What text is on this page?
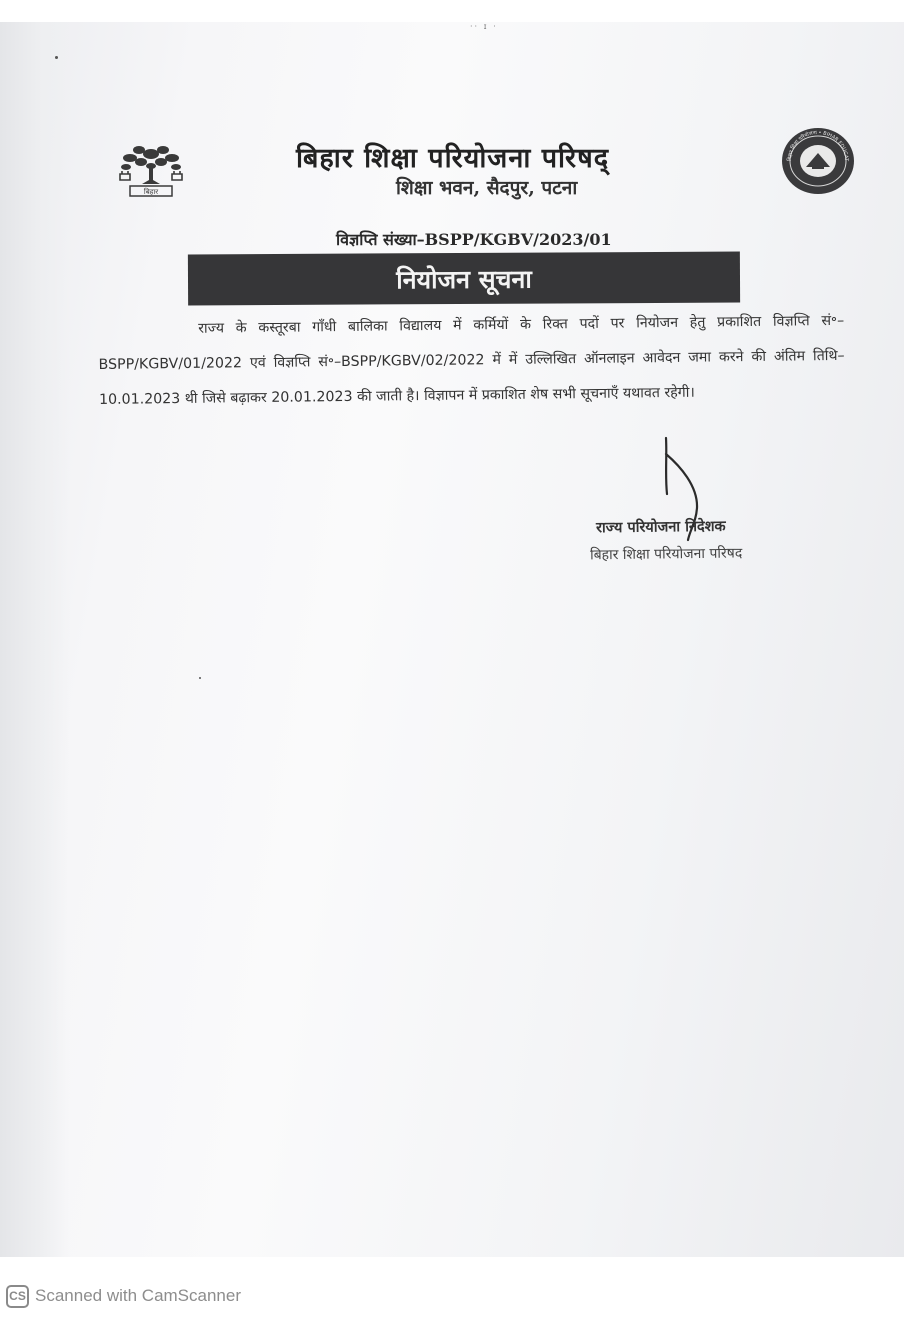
·· ɪ ·
बिहार
बिहार शिक्षा परियोजना परिषद्
शिक्षा भवन, सैदपुर, पटना
बिहार शिक्षा परियोजना • BIHAR EDUCAT
विज्ञप्ति संख्या–BSPP/KGBV/2023/01
नियोजन सूचना
राज्य के कस्तूरबा गाँधी बालिका विद्यालय में कर्मियों के रिक्त पदों पर नियोजन हेतु प्रकाशित विज्ञप्ति सं॰–BSPP/KGBV/01/2022 एवं विज्ञप्ति सं॰–BSPP/KGBV/02/2022 में में उल्लिखित ऑनलाइन आवेदन जमा करने की अंतिम तिथि–10.01.2023 थी जिसे बढ़ाकर 20.01.2023 की जाती है। विज्ञापन में प्रकाशित शेष सभी सूचनाएँ यथावत रहेगी।
राज्य परियोजना निदेशक
बिहार शिक्षा परियोजना परिषद
CS Scanned with CamScanner
